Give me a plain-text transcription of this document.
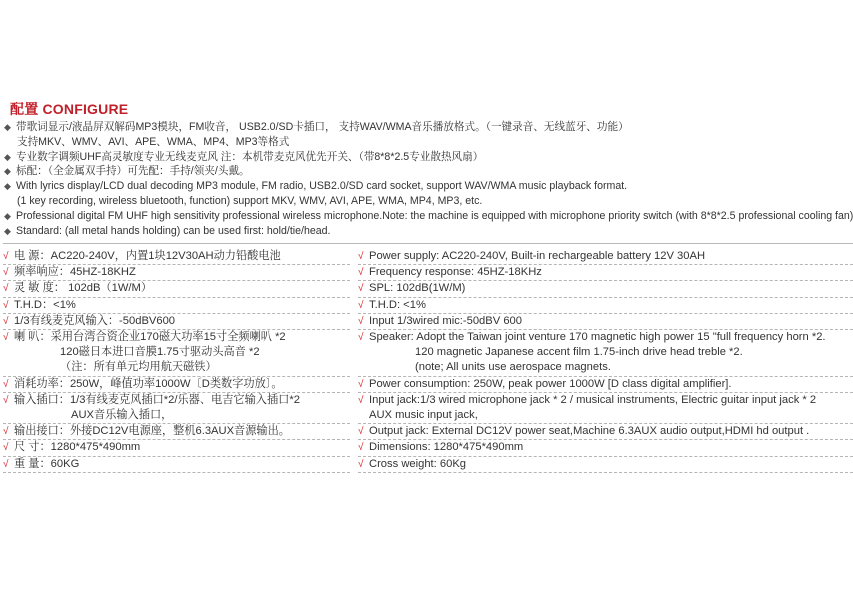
配置 CONFIGURE
◆ 带歌词显示/液晶屏双解码MP3模块，FM收音， USB2.0/SD卡插口， 支持WAV/WMA音乐播放格式。（一键录音、无线蓝牙、功能）
支持MKV、WMV、AVI、APE、WMA、MP4、MP3等格式
◆ 专业数字调频UHF高灵敏度专业无线麦克风 注：本机带麦克风优先开关、（带8*8*2.5专业散热风扇）
◆ 标配：（全金属双手持）可先配：手持/领夹/头戴。
◆ With lyrics display/LCD dual decoding MP3 module, FM radio, USB2.0/SD card socket, support WAV/WMA music playback format.
(1 key recording, wireless bluetooth, function) support MKV, WMV, AVI, APE, WMA, MP4, MP3, etc.
◆ Professional digital FM UHF high sensitivity professional wireless microphone.Note: the machine is equipped with microphone priority switch (with 8*8*2.5 professional cooling fan)
◆ Standard: (all metal hands holding) can be used first: hold/tie/head.
√ 电 源：AC220-240V，内置1块12V30AH动力铅酸电池
√ 频率响应：45HZ-18KHZ
√ 灵 敏 度： 102dB（1W/M）
√ T.H.D：<1%
√ 1/3有线麦克风输入：-50dBV600
√ 喇 叭：采用台湾合资企业170磁大功率15寸全频喇叭 *2
120磁日本进口音膜1.75寸驱动头高音 *2
（注：所有单元均用航天磁铁）
√ 消耗功率：250W，峰值功率1000W〔D类数字功放〕。
√ 输入插口：1/3有线麦克风插口*2/乐器、电吉它输入插口*2
AUX音乐输入插口，
√ 输出接口：外接DC12V电源座，整机6.3AUX音源输出。
√ 尺 寸：1280*475*490mm
√ 重 量：60KG
√ Power supply: AC220-240V, Built-in rechargeable battery 12V 30AH
√ Frequency response: 45HZ-18KHz
√ SPL: 102dB(1W/M)
√ T.H.D: <1%
√ Input 1/3wired mic:-50dBV 600
√ Speaker: Adopt the Taiwan joint venture 170 magnetic high power 15 "full frequency horn *2.
120 magnetic Japanese accent film 1.75-inch drive head treble *2.
(note; All units use aerospace magnets.
√ Power consumption: 250W, peak power 1000W [D class digital amplifier].
√ Input jack:1/3 wired microphone jack * 2 / musical instruments, Electric guitar input jack * 2
AUX music input jack,
√ Output jack: External DC12V power seat,Machine 6.3AUX audio output,HDMI hd output .
√ Dimensions: 1280*475*490mm
√ Cross weight: 60Kg
